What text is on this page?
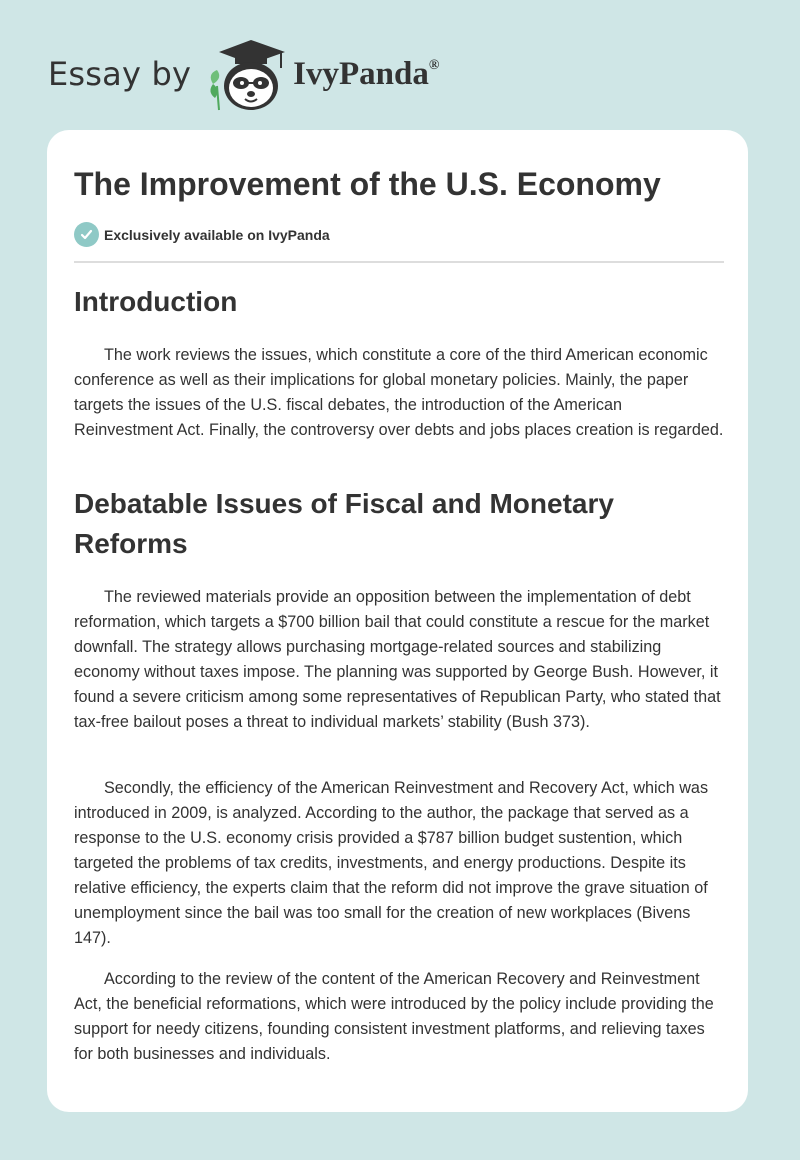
Essay by	IvyPanda®
The Improvement of the U.S. Economy
Exclusively available on IvyPanda
Introduction

The work reviews the issues, which constitute a core of the third American economic conference as well as their implications for global monetary policies. Mainly, the paper targets the issues of the U.S. fiscal debates, the introduction of the American Reinvestment Act. Finally, the controversy over debts and jobs places creation is regarded.

Debatable Issues of Fiscal and Monetary Reforms

The reviewed materials provide an opposition between the implementation of debt reformation, which targets a $700 billion bail that could constitute a rescue for the market downfall. The strategy allows purchasing mortgage-related sources and stabilizing economy without taxes impose. The planning was supported by George Bush. However, it found a severe criticism among some representatives of Republican Party, who stated that tax-free bailout poses a threat to individual markets’ stability (Bush 373).

Secondly, the efficiency of the American Reinvestment and Recovery Act, which was introduced in 2009, is analyzed. According to the author, the package that served as a response to the U.S. economy crisis provided a $787 billion budget sustention, which targeted the problems of tax credits, investments, and energy productions. Despite its relative efficiency, the experts claim that the reform did not improve the grave situation of unemployment since the bail was too small for the creation of new workplaces (Bivens 147).

According to the review of the content of the American Recovery and Reinvestment Act, the beneficial reformations, which were introduced by the policy include providing the support for needy citizens, founding consistent investment platforms, and relieving taxes for both businesses and individuals.
